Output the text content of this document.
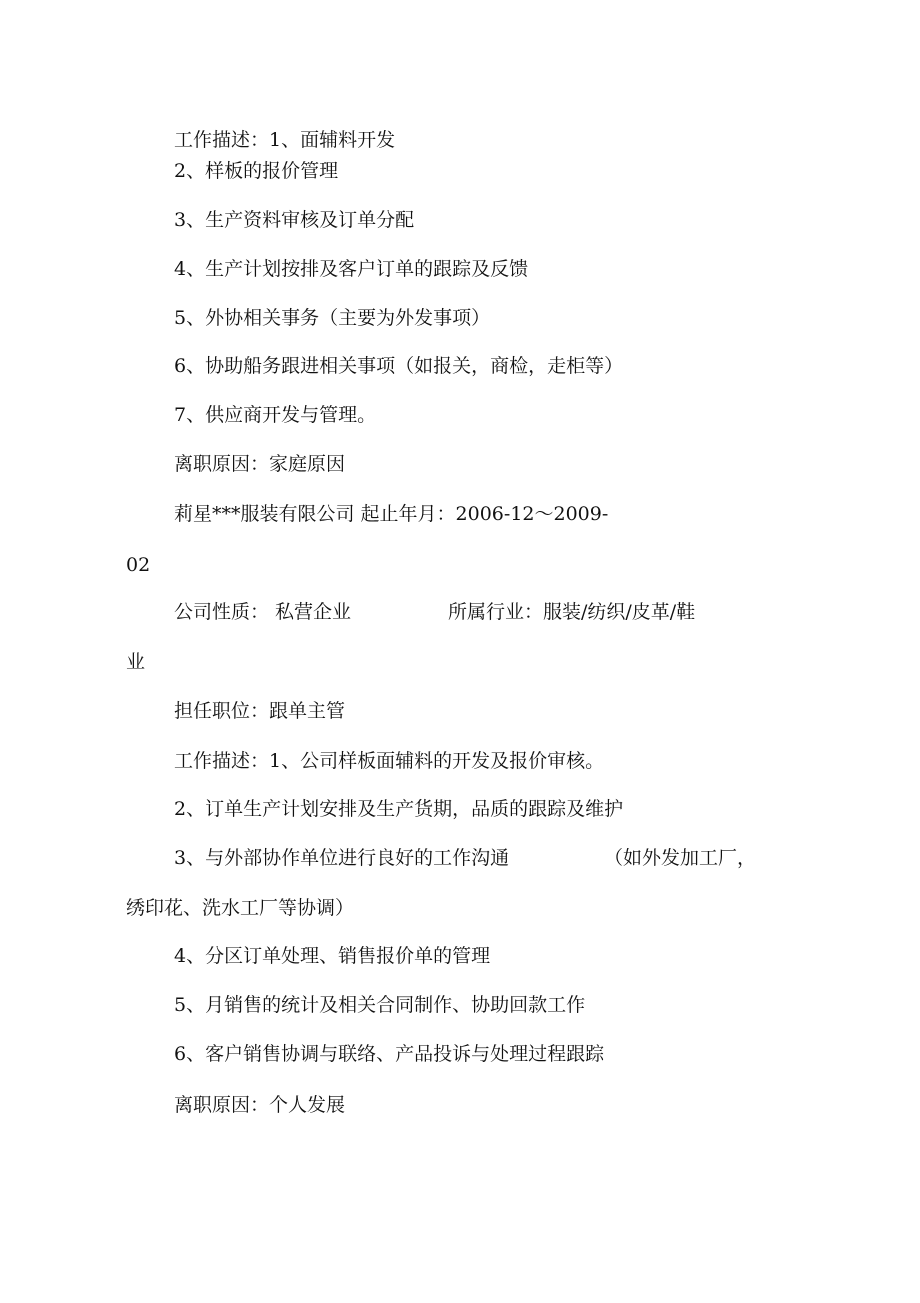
工作描述：1、面辅料开发
2、样板的报价管理
3、生产资料审核及订单分配
4、生产计划按排及客户订单的跟踪及反馈
5、外协相关事务（主要为外发事项）
6、协助船务跟进相关事项（如报关，商检，走柜等）
7、供应商开发与管理。
离职原因：家庭原因
莉星***服装有限公司 起止年月：2006-12～2009-
02
公司性质： 私营企业	所属行业：服装/纺织/皮革/鞋
业
担任职位：跟单主管
工作描述：1、公司样板面辅料的开发及报价审核。
2、订单生产计划安排及生产货期，品质的跟踪及维护
3、与外部协作单位进行良好的工作沟通	（如外发加工厂，
绣印花、洗水工厂等协调）
4、分区订单处理、销售报价单的管理
5、月销售的统计及相关合同制作、协助回款工作
6、客户销售协调与联络、产品投诉与处理过程跟踪
离职原因：个人发展
